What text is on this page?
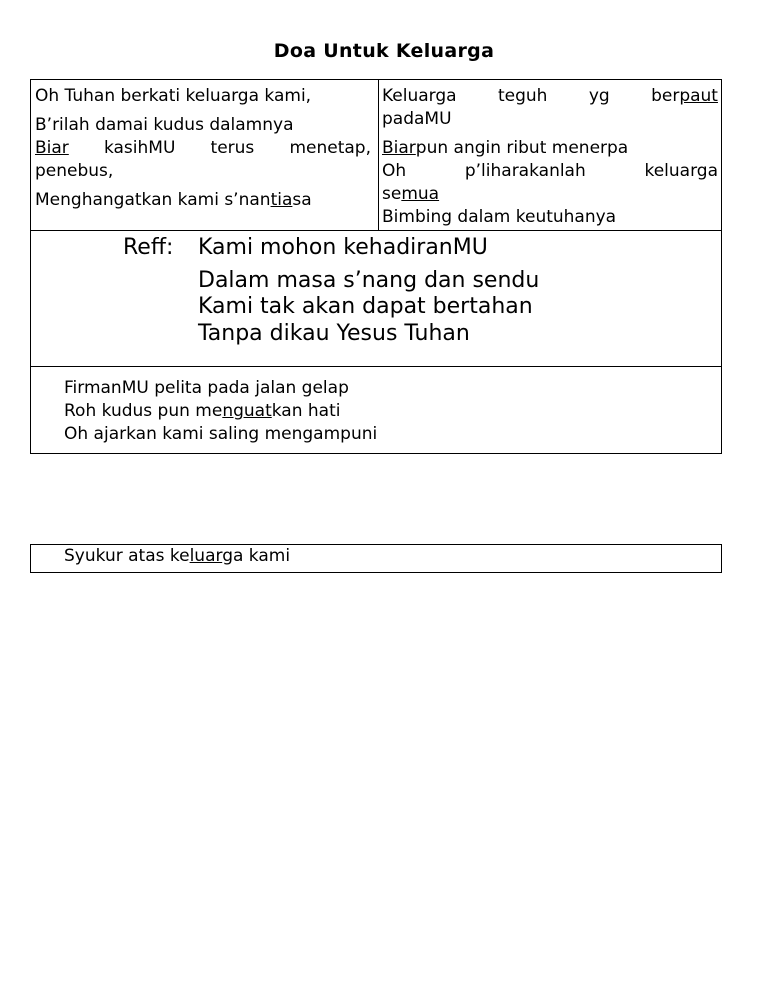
Doa Untuk Keluarga
Oh Tuhan berkati keluarga kami,
B’rilah damai kudus dalamnya
Biar kasihMU terus menetap,
penebus,
Menghangatkan kami s’nantiasa
Keluarga teguh yg berpaut
padaMU
Biarpun angin ribut menerpa
Oh	p’liharakanlah	keluarga
semua
Bimbing dalam keutuhanya
Reff: Kami mohon kehadiranMU
Dalam masa s’nang dan sendu
Kami tak akan dapat bertahan
Tanpa dikau Yesus Tuhan
FirmanMU pelita pada jalan gelap
Roh kudus pun menguatkan hati
Oh ajarkan kami saling mengampuni
Syukur atas keluarga kami
